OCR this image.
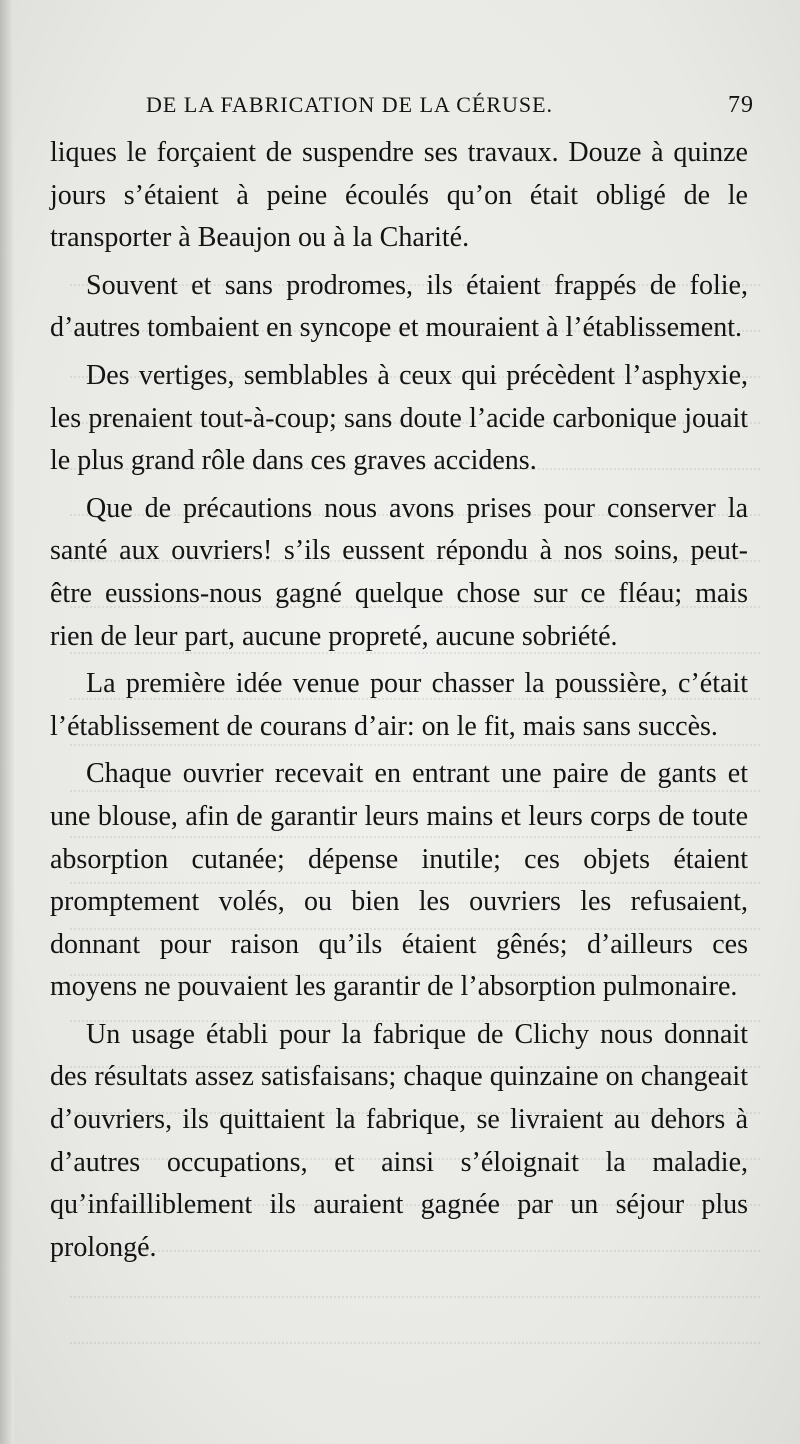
DE LA FABRICATION DE LA CÉRUSE.	79

liques le forçaient de suspendre ses travaux. Douze à quinze jours s’étaient à peine écoulés qu’on était obligé de le transporter à Beaujon ou à la Charité.

Souvent et sans prodromes, ils étaient frappés de folie, d’autres tombaient en syncope et mouraient à l’établissement.

Des vertiges, semblables à ceux qui précèdent l’asphyxie, les prenaient tout-à-coup; sans doute l’acide carbonique jouait le plus grand rôle dans ces graves accidens.

Que de précautions nous avons prises pour conserver la santé aux ouvriers! s’ils eussent répondu à nos soins, peut-être eussions-nous gagné quelque chose sur ce fléau; mais rien de leur part, aucune propreté, aucune sobriété.

La première idée venue pour chasser la poussière, c’était l’établissement de courans d’air: on le fit, mais sans succès.

Chaque ouvrier recevait en entrant une paire de gants et une blouse, afin de garantir leurs mains et leurs corps de toute absorption cutanée; dépense inutile; ces objets étaient promptement volés, ou bien les ouvriers les refusaient, donnant pour raison qu’ils étaient gênés; d’ailleurs ces moyens ne pouvaient les garantir de l’absorption pulmonaire.

Un usage établi pour la fabrique de Clichy nous donnait des résultats assez satisfaisans; chaque quinzaine on changeait d’ouvriers, ils quittaient la fabrique, se livraient au dehors à d’autres occupations, et ainsi s’éloignait la maladie, qu’infailliblement ils auraient gagnée par un séjour plus prolongé.
